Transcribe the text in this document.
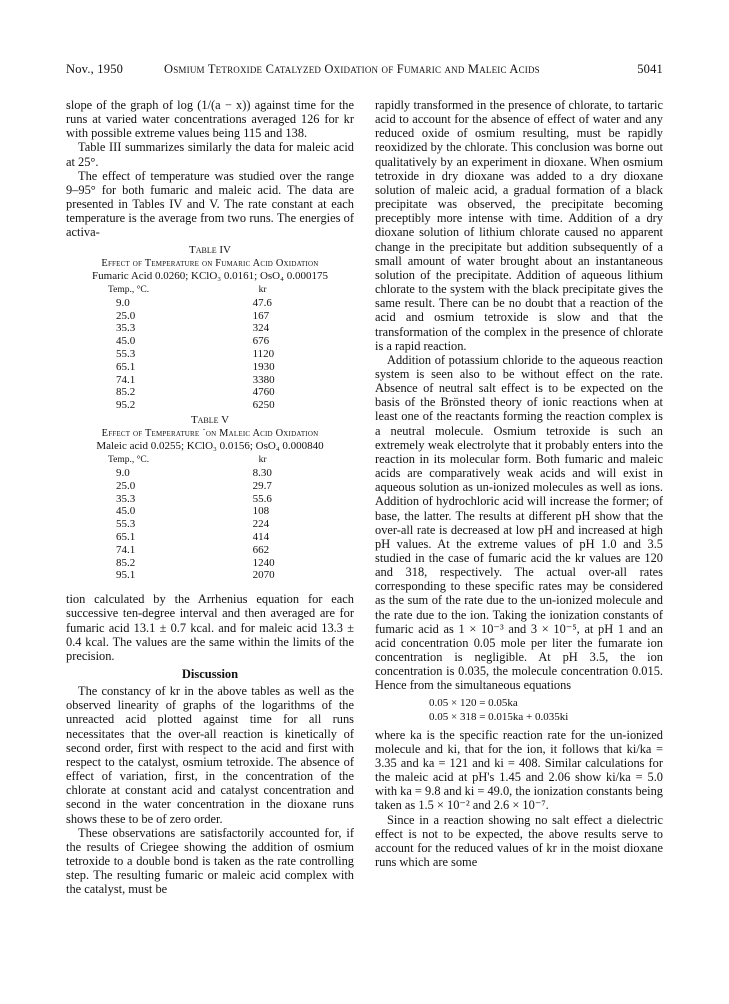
Nov., 1950	Osmium Tetroxide Catalyzed Oxidation of Fumaric and Maleic Acids	5041

slope of the graph of log (1/(a − x)) against time for the runs at varied water concentrations averaged 126 for kr with possible extreme values being 115 and 138.

Table III summarizes similarly the data for maleic acid at 25°.

The effect of temperature was studied over the range 9–95° for both fumaric and maleic acid. The data are presented in Tables IV and V. The rate constant at each temperature is the average from two runs. The energies of activa-

Table IV
Effect of Temperature on Fumaric Acid Oxidation
Fumaric Acid 0.0260; KClO₃ 0.0161; OsO₄ 0.000175
Temp., °C.	kr
9.0	47.6
25.0	167
35.3	324
45.0	676
55.3	1120
65.1	1930
74.1	3380
85.2	4760
95.2	6250
Table V
Effect of Temperature ˙on Maleic Acid Oxidation
Maleic acid 0.0255; KClO₃ 0.0156; OsO₄ 0.000840
Temp., °C.	kr
9.0	8.30
25.0	29.7
35.3	55.6
45.0	108
55.3	224
65.1	414
74.1	662
85.2	1240
95.1	2070

tion calculated by the Arrhenius equation for each successive ten-degree interval and then averaged are for fumaric acid 13.1 ± 0.7 kcal. and for maleic acid 13.3 ± 0.4 kcal. The values are the same within the limits of the precision.

Discussion

The constancy of kr in the above tables as well as the observed linearity of graphs of the logarithms of the unreacted acid plotted against time for all runs necessitates that the over-all reaction is kinetically of second order, first with respect to the acid and first with respect to the catalyst, osmium tetroxide. The absence of effect of variation, first, in the concentration of the chlorate at constant acid and catalyst concentration and second in the water concentration in the dioxane runs shows these to be of zero order.

These observations are satisfactorily accounted for, if the results of Criegee showing the addition of osmium tetroxide to a double bond is taken as the rate controlling step. The resulting fumaric or maleic acid complex with the catalyst, must be

rapidly transformed in the presence of chlorate, to tartaric acid to account for the absence of effect of water and any reduced oxide of osmium resulting, must be rapidly reoxidized by the chlorate. This conclusion was borne out qualitatively by an experiment in dioxane. When osmium tetroxide in dry dioxane was added to a dry dioxane solution of maleic acid, a gradual formation of a black precipitate was observed, the precipitate becoming preceptibly more intense with time. Addition of a dry dioxane solution of lithium chlorate caused no apparent change in the precipitate but addition subsequently of a small amount of water brought about an instantaneous solution of the precipitate. Addition of aqueous lithium chlorate to the system with the black precipitate gives the same result. There can be no doubt that a reaction of the acid and osmium tetroxide is slow and that the transformation of the complex in the presence of chlorate is a rapid reaction.

Addition of potassium chloride to the aqueous reaction system is seen also to be without effect on the rate. Absence of neutral salt effect is to be expected on the basis of the Brönsted theory of ionic reactions when at least one of the reactants forming the reaction complex is a neutral molecule. Osmium tetroxide is such an extremely weak electrolyte that it probably enters into the reaction in its molecular form. Both fumaric and maleic acids are comparatively weak acids and will exist in aqueous solution as un-ionized molecules as well as ions. Addition of hydrochloric acid will increase the former; of base, the latter. The results at different pH show that the over-all rate is decreased at low pH and increased at high pH values. At the extreme values of pH 1.0 and 3.5 studied in the case of fumaric acid the kr values are 120 and 318, respectively. The actual over-all rates corresponding to these specific rates may be considered as the sum of the rate due to the un-ionized molecule and the rate due to the ion. Taking the ionization constants of fumaric acid as 1 × 10⁻³ and 3 × 10⁻⁵, at pH 1 and an acid concentration 0.05 mole per liter the fumarate ion concentration is negligible. At pH 3.5, the ion concentration is 0.035, the molecule concentration 0.015. Hence from the simultaneous equations

0.05 × 120 = 0.05ka
0.05 × 318 = 0.015ka + 0.035ki

where ka is the specific reaction rate for the un-ionized molecule and ki, that for the ion, it follows that ki/ka = 3.35 and ka = 121 and ki = 408. Similar calculations for the maleic acid at pH's 1.45 and 2.06 show ki/ka = 5.0 with ka = 9.8 and ki = 49.0, the ionization constants being taken as 1.5 × 10⁻² and 2.6 × 10⁻⁷.

Since in a reaction showing no salt effect a dielectric effect is not to be expected, the above results serve to account for the reduced values of kr in the moist dioxane runs which are some
